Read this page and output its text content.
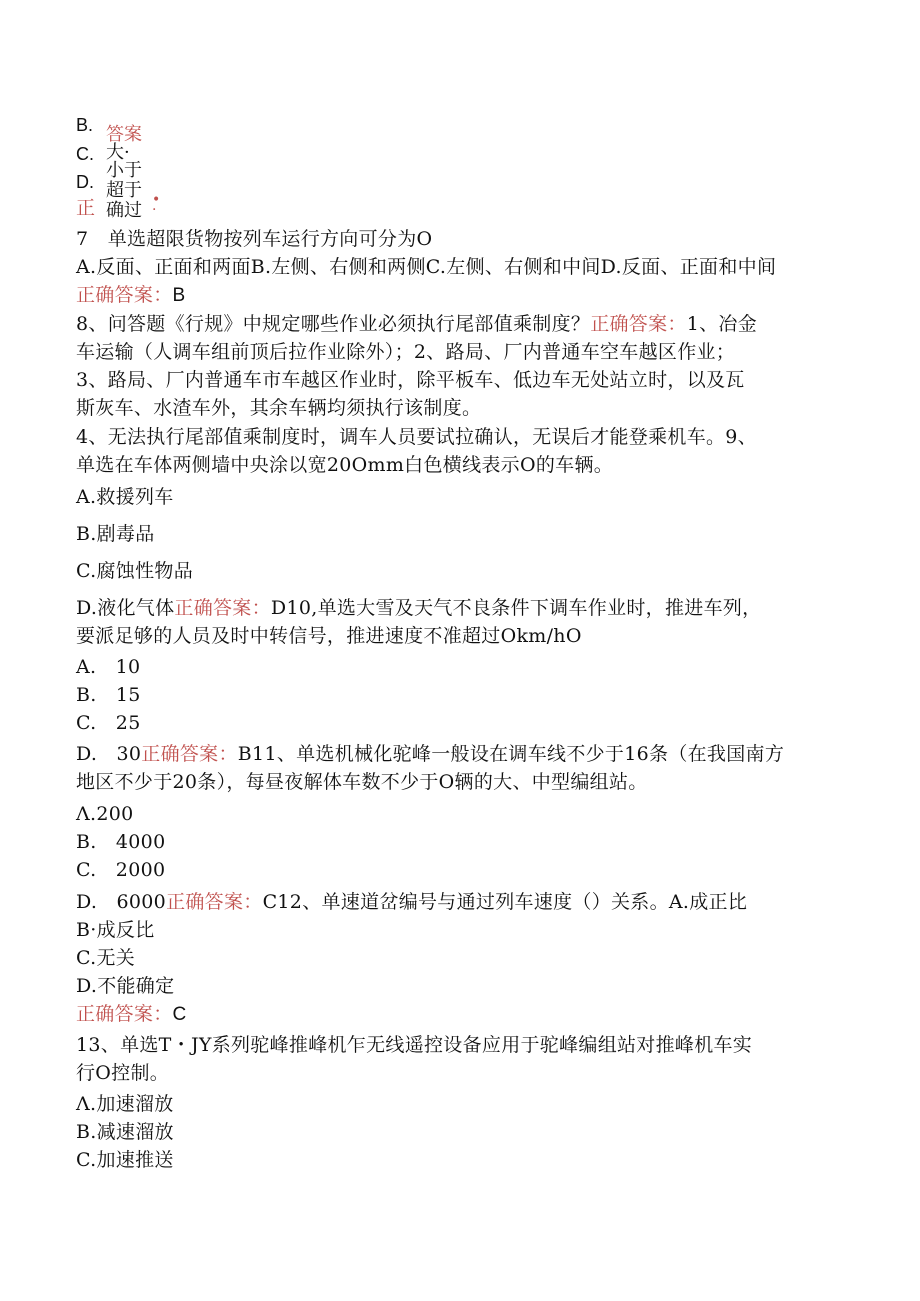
B.
C.
D.
正
答案
大·
小于
超于
确过 •
·
7　单选超限货物按列车运行方向可分为O
A.反面、正面和两面B.左侧、右侧和两侧C.左侧、右侧和中间D.反面、正面和中间
正确答案：B
8、问答题《行规》中规定哪些作业必须执行尾部值乘制度？正确答案：1、冶金
车运输（人调车组前顶后拉作业除外）；2、路局、厂内普通车空车越区作业；
3、路局、厂内普通车市车越区作业时，除平板车、低边车无处站立时，以及瓦
斯灰车、水渣车外，其余车辆均须执行该制度。
4、无法执行尾部值乘制度时，调车人员要试拉确认，无误后才能登乘机车。9、
单选在车体两侧墙中央涂以宽20Omm白色横线表示O的车辆。
A.救援列车
B.剧毒品
C.腐蚀性物品
D.液化气体正确答案：D10,单选大雪及天气不良条件下调车作业时，推进车列，
要派足够的人员及时中转信号，推进速度不准超过Okm/hO
A.　10
B.　15
C.　25
D.　30正确答案：B11、单选机械化驼峰一般设在调车线不少于16条（在我国南方
地区不少于20条），每昼夜解体车数不少于O辆的大、中型编组站。
Λ.200
B.　4000
C.　2000
D.　6000正确答案：C12、单速道岔编号与通过列车速度（）关系。A.成正比
B·成反比
C.无关
D.不能确定
正确答案：C
13、单选T・JY系列驼峰推峰机乍无线遥控设备应用于驼峰编组站对推峰机车实
行O控制。
Λ.加速溜放
B.减速溜放
C.加速推送
